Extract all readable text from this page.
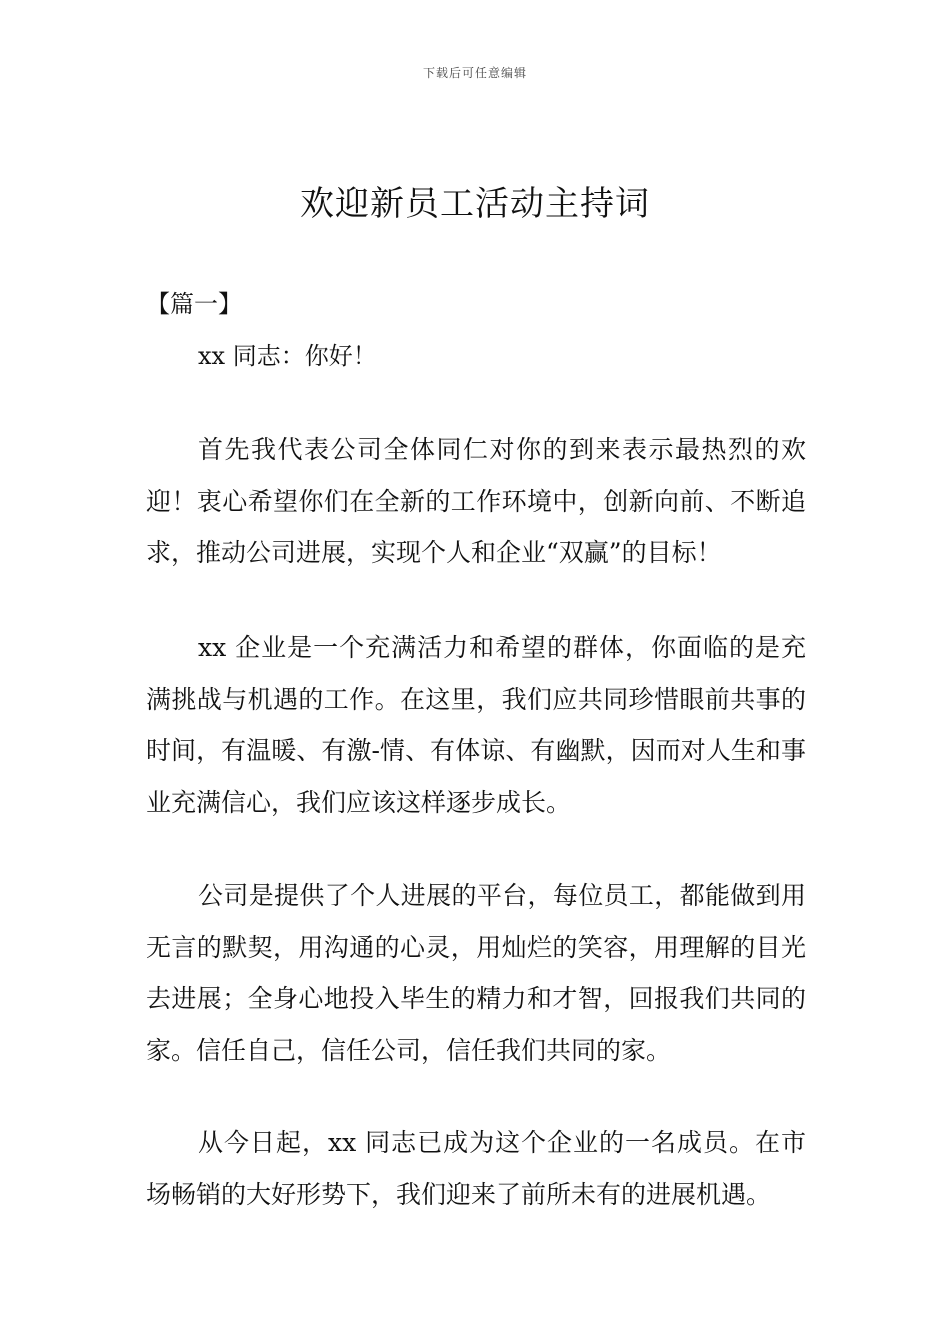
下载后可任意编辑
欢迎新员工活动主持词
【篇一】
xx 同志：你好！

首先我代表公司全体同仁对你的到来表示最热烈的欢迎！衷心希望你们在全新的工作环境中，创新向前、不断追求，推动公司进展，实现个人和企业“双赢”的目标！

xx 企业是一个充满活力和希望的群体，你面临的是充满挑战与机遇的工作。在这里，我们应共同珍惜眼前共事的时间，有温暖、有激-情、有体谅、有幽默，因而对人生和事业充满信心，我们应该这样逐步成长。

公司是提供了个人进展的平台，每位员工，都能做到用无言的默契，用沟通的心灵，用灿烂的笑容，用理解的目光去进展；全身心地投入毕生的精力和才智，回报我们共同的家。信任自己，信任公司，信任我们共同的家。

从今日起，xx 同志已成为这个企业的一名成员。在市场畅销的大好形势下，我们迎来了前所未有的进展机遇。
